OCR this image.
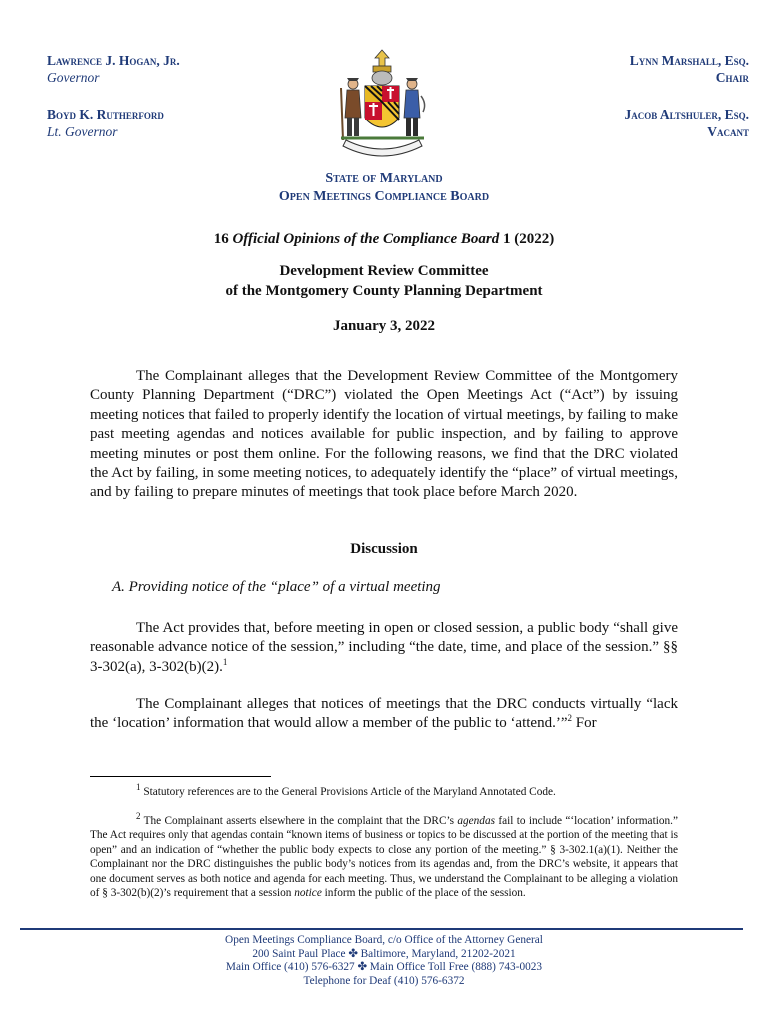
Lawrence J. Hogan, Jr.
Governor
Boyd K. Rutherford
Lt. Governor
Lynn Marshall, Esq.
Chair
Jacob Altshuler, Esq.
Vacant
State of Maryland
Open Meetings Compliance Board
16 Official Opinions of the Compliance Board 1 (2022)
Development Review Committee
of the Montgomery County Planning Department
January 3, 2022

The Complainant alleges that the Development Review Committee of the Montgomery County Planning Department (“DRC”) violated the Open Meetings Act (“Act”) by issuing meeting notices that failed to properly identify the location of virtual meetings, by failing to make past meeting agendas and notices available for public inspection, and by failing to approve meeting minutes or post them online. For the following reasons, we find that the DRC violated the Act by failing, in some meeting notices, to adequately identify the “place” of virtual meetings, and by failing to prepare minutes of meetings that took place before March 2020.

Discussion
A. Providing notice of the “place” of a virtual meeting

The Act provides that, before meeting in open or closed session, a public body “shall give reasonable advance notice of the session,” including “the date, time, and place of the session.” §§ 3-302(a), 3-302(b)(2).$^1$

The Complainant alleges that notices of meetings that the DRC conducts virtually “lack the ‘location’ information that would allow a member of the public to ‘attend.’”$^2$ For

$^1$ Statutory references are to the General Provisions Article of the Maryland Annotated Code.

$^2$ The Complainant asserts elsewhere in the complaint that the DRC’s agendas fail to include “‘location’ information.” The Act requires only that agendas contain “known items of business or topics to be discussed at the portion of the meeting that is open” and an indication of “whether the public body expects to close any portion of the meeting.” § 3-302.1(a)(1). Neither the Complainant nor the DRC distinguishes the public body’s notices from its agendas and, from the DRC’s website, it appears that one document serves as both notice and agenda for each meeting. Thus, we understand the Complainant to be alleging a violation of § 3-302(b)(2)’s requirement that a session notice inform the public of the place of the session.

Open Meetings Compliance Board, c/o Office of the Attorney General
200 Saint Paul Place ✤ Baltimore, Maryland, 21202-2021
Main Office (410) 576-6327 ✤ Main Office Toll Free (888) 743-0023
Telephone for Deaf (410) 576-6372
